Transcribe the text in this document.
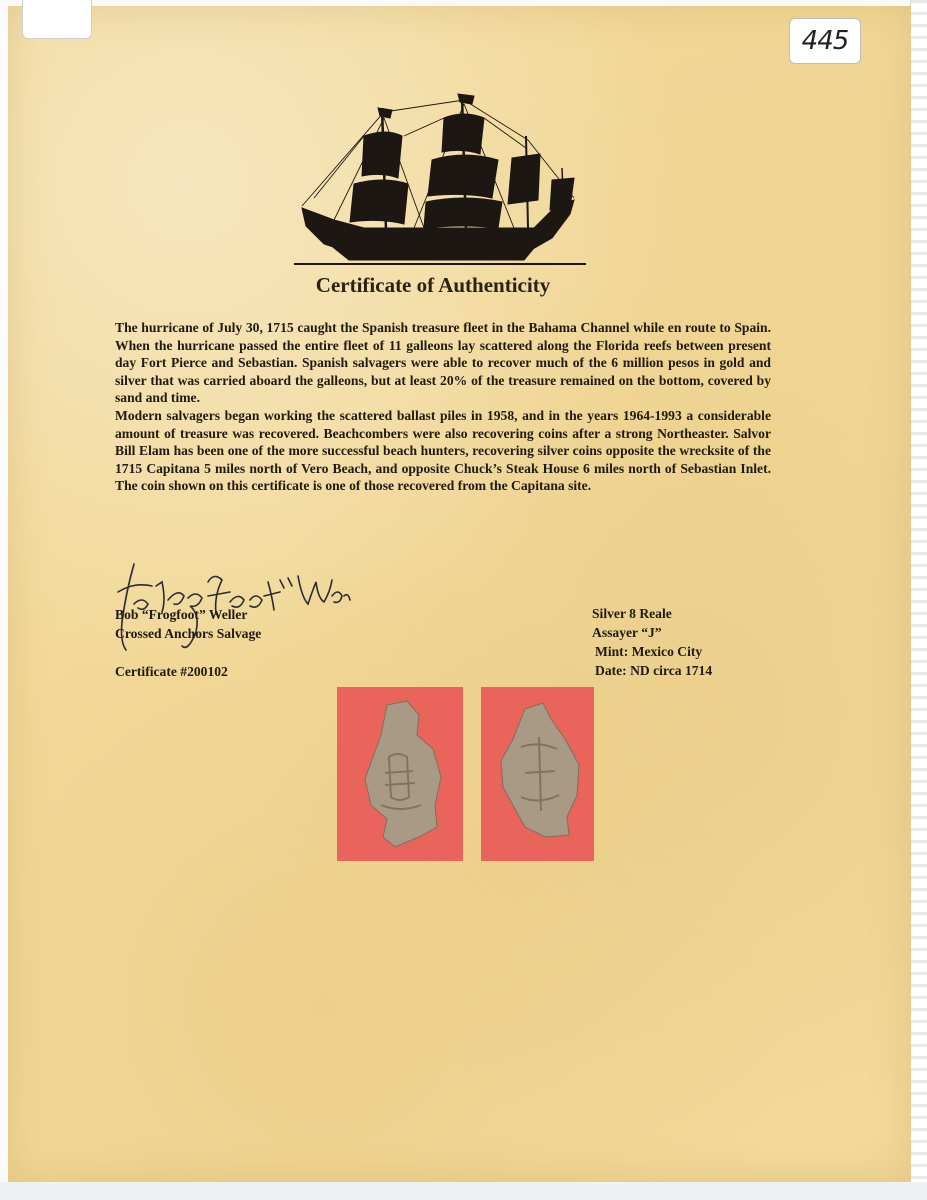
445
Certificate of Authenticity

The hurricane of July 30, 1715 caught the Spanish treasure fleet in the Bahama Channel while en route to Spain. When the hurricane passed the entire fleet of 11 galleons lay scattered along the Florida reefs between present day Fort Pierce and Sebastian. Spanish salvagers were able to recover much of the 6 million pesos in gold and silver that was carried aboard the galleons, but at least 20% of the treasure remained on the bottom, covered by sand and time.

Modern salvagers began working the scattered ballast piles in 1958, and in the years 1964-1993 a considerable amount of treasure was recovered. Beachcombers were also recovering coins after a strong Northeaster. Salvor Bill Elam has been one of the more successful beach hunters, recovering silver coins opposite the wrecksite of the 1715 Capitana 5 miles north of Vero Beach, and opposite Chuck’s Steak House 6 miles north of Sebastian Inlet. The coin shown on this certificate is one of those recovered from the Capitana site.

Bob “Frogfoot” Weller
Crossed Anchors Salvage
Certificate #200102
Silver 8 Reale
Assayer “J”
Mint: Mexico City
Date: ND circa 1714
